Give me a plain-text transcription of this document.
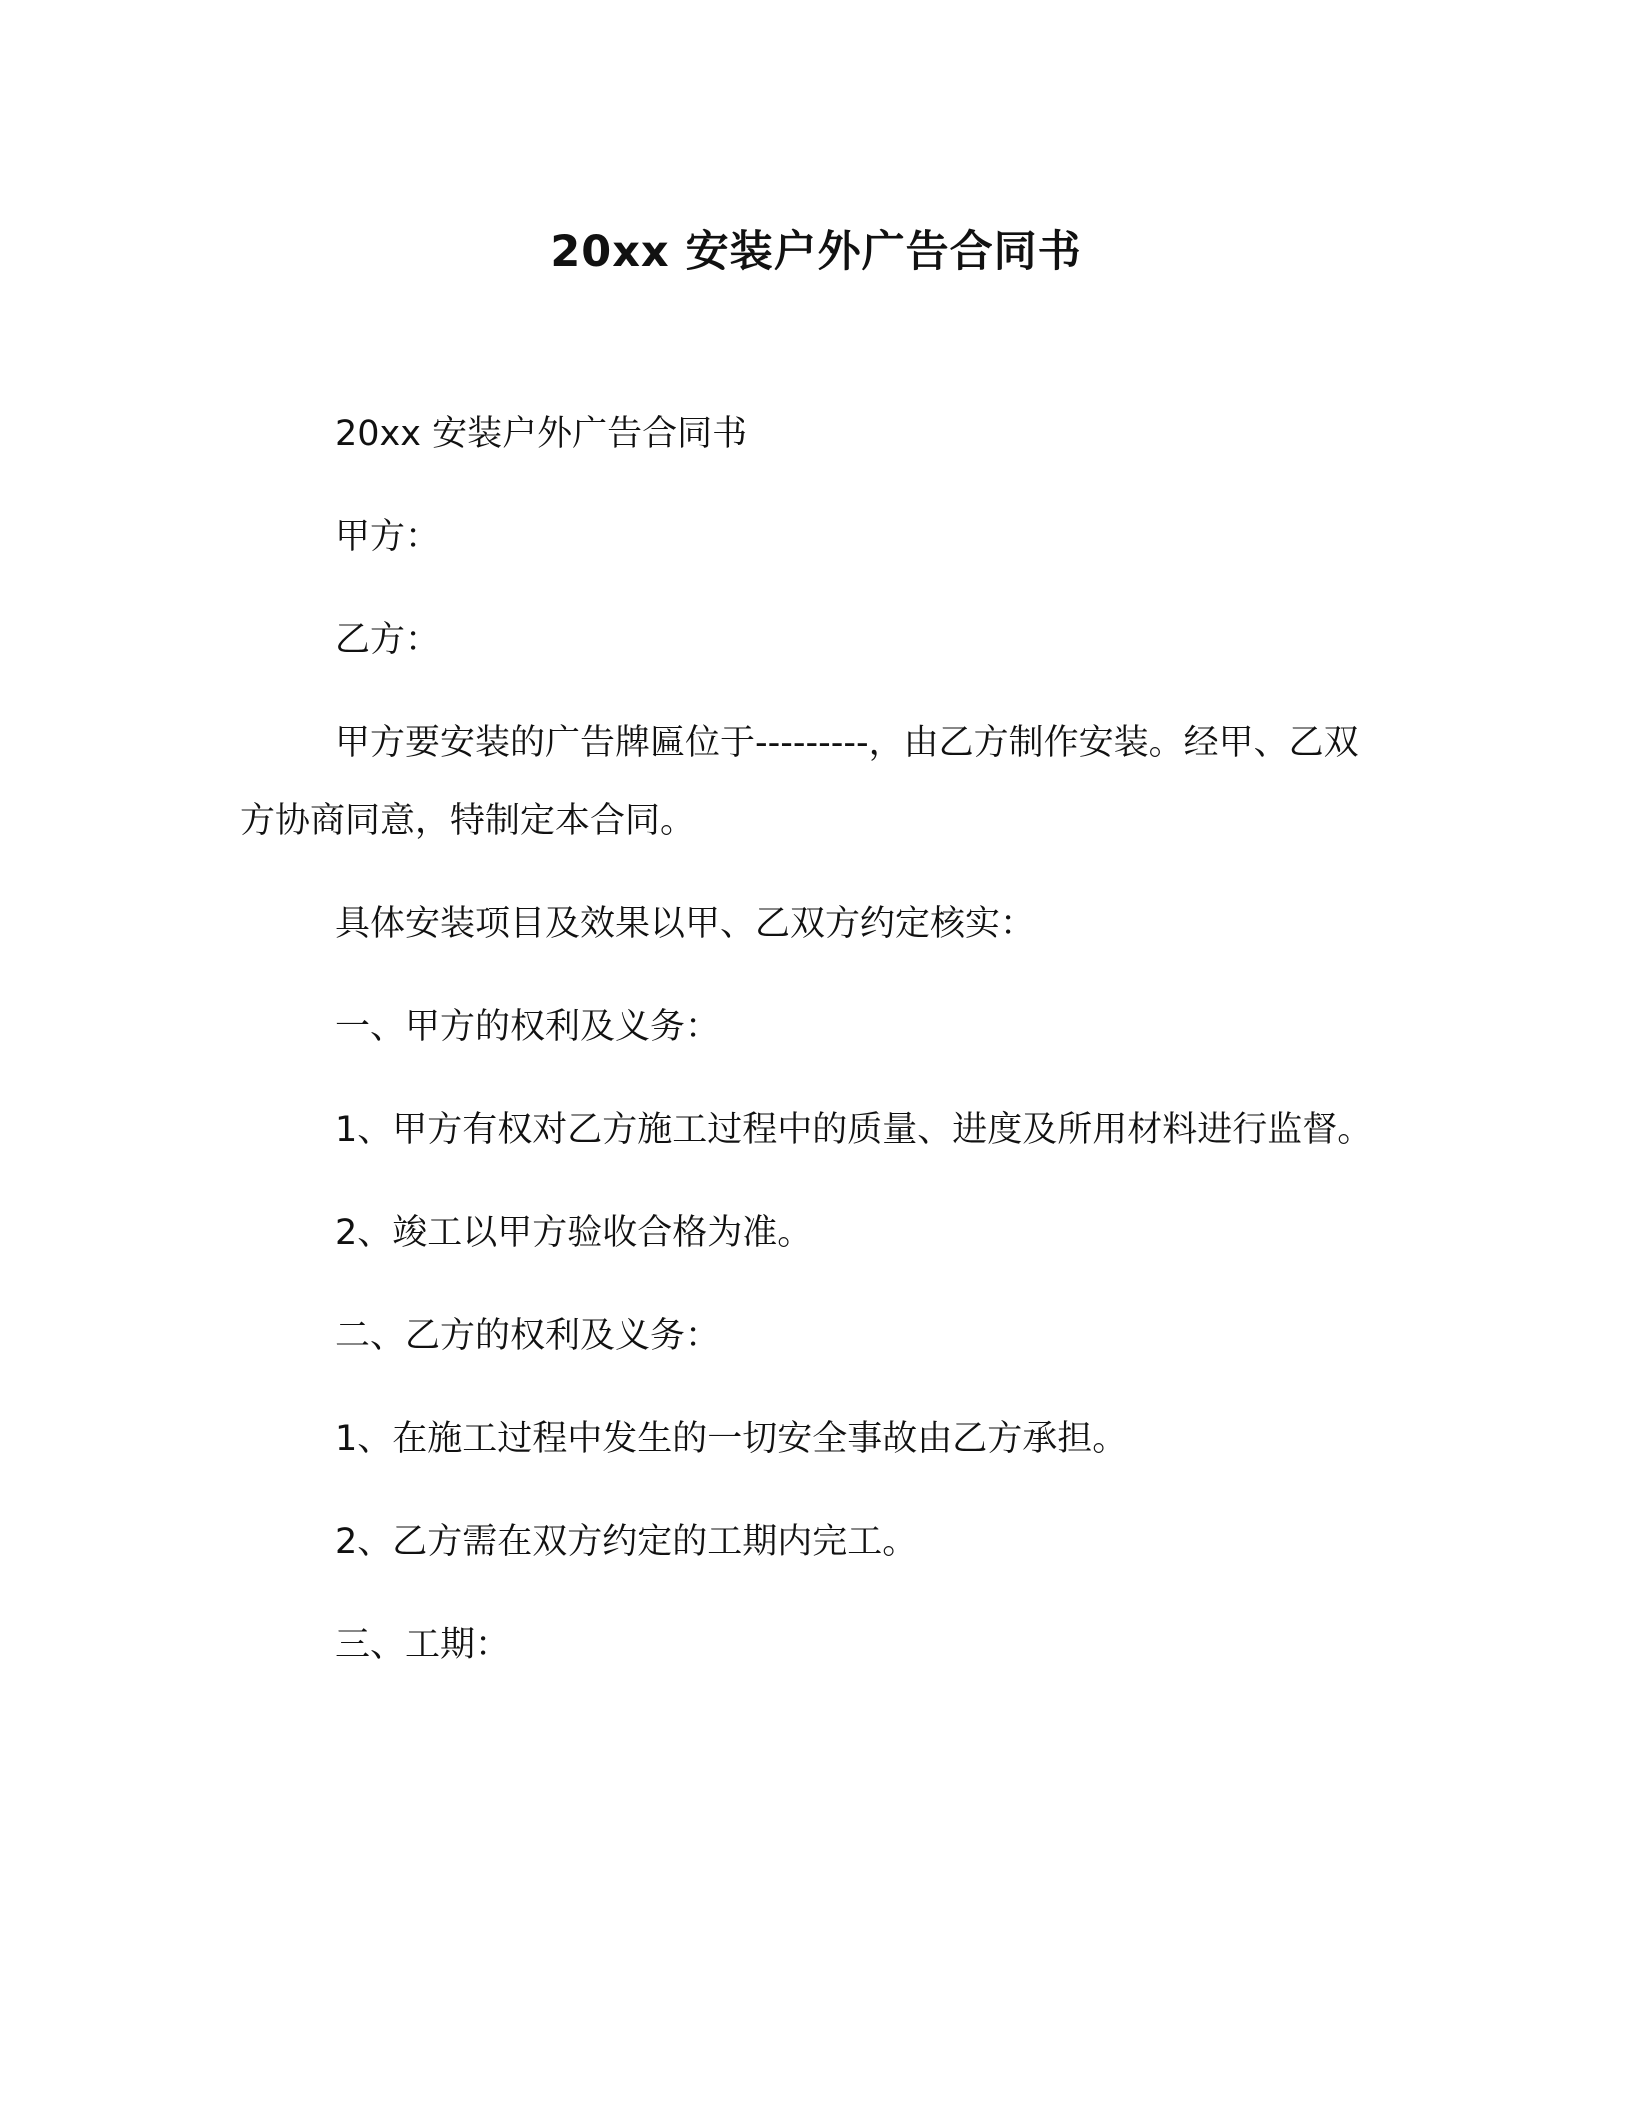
20xx 安装户外广告合同书

20xx 安装户外广告合同书

甲方：

乙方：

甲方要安装的广告牌匾位于---------，由乙方制作安装。经甲、乙双方协商同意，特制定本合同。

具体安装项目及效果以甲、乙双方约定核实：

一、甲方的权利及义务：

1、甲方有权对乙方施工过程中的质量、进度及所用材料进行监督。

2、竣工以甲方验收合格为准。

二、乙方的权利及义务：

1、在施工过程中发生的一切安全事故由乙方承担。

2、乙方需在双方约定的工期内完工。

三、工期：
